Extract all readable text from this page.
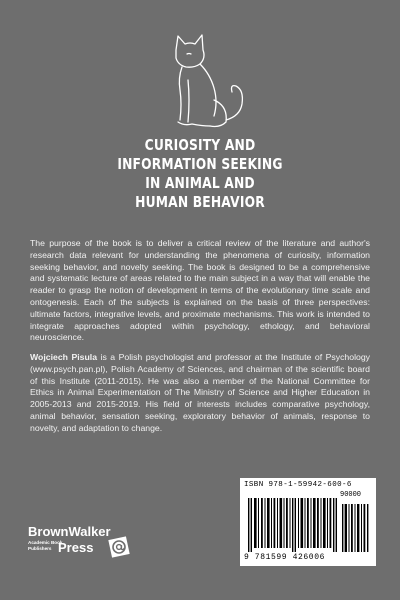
CURIOSITY AND
INFORMATION SEEKING
IN ANIMAL AND
HUMAN BEHAVIOR
The purpose of the book is to deliver a critical review of the literature and author's research data relevant for understanding the phenomena of curiosity, information seeking behavior, and novelty seeking. The book is designed to be a comprehensive and systematic lecture of areas related to the main subject in a way that will enable the reader to grasp the notion of development in terms of the evolutionary time scale and ontogenesis. Each of the subjects is explained on the basis of three perspectives: ultimate factors, integrative levels, and proximate mechanisms. This work is intended to integrate approaches adopted within psychology, ethology, and behavioral neuroscience.
Wojciech Pisula is a Polish psychologist and professor at the Institute of Psychology (www.psych.pan.pl), Polish Academy of Sciences, and chairman of the scientific board of this Institute (2011-2015). He was also a member of the National Committee for Ethics in Animal Experimentation of The Ministry of Science and Higher Education in 2005-2013 and 2015-2019. His field of interests includes comparative psychology, animal behavior, sensation seeking, exploratory behavior of animals, response to novelty, and adaptation to change.
ISBN 978-1-59942-600-6
90000
9 781599 426006
BrownWalker
Academic Book
Publishers Press
